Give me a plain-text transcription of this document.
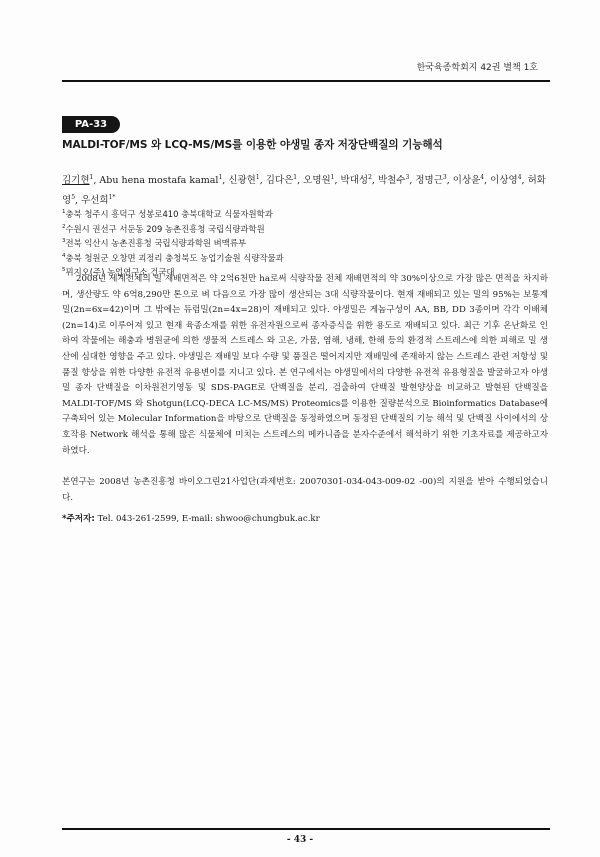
한국육종학회지 42권 별책 1호
PA-33
MALDI-TOF/MS 와 LCQ-MS/MS를 이용한 야생밀 종자 저장단백질의 기능해석
김기현$^1$, Abu hena mostafa kamal$^1$, 신광현$^1$, 김다은$^1$, 오명원$^1$, 박대성$^2$, 박철수$^3$, 정명근$^3$, 이상윤$^4$, 이상영$^4$, 허화영$^5$, 우선희$^{1*}$
$^1$충북 청주시 흥덕구 성봉로410 충북대학교 식물자원학과
$^2$수원시 권선구 서둔동 209 농촌진흥청 국립식량과학원
$^3$전북 익산시 농촌진흥청 국립식량과학원 벼맥류부
$^4$충북 청원군 오창면 괴정리 충청북도 농업기술원 식량작물과
$^5$뮈지오(주) 농업연구소 건국대

2008년 세계전체의 밀 재배면적은 약 2억6천만 ha로써 식량작물 전체 재배면적의 약 30%이상으로 가장 많은 면적을 차지하며, 생산량도 약 6억8,290만 톤으로 벼 다음으로 가장 많이 생산되는 3대 식량작물이다. 현재 재배되고 있는 밀의 95%는 보통계밀(2n=6x=42)이며 그 밖에는 듀럼밀(2n=4x=28)이 재배되고 있다. 야생밀은 게놈구성이 AA, BB, DD 3종이며 각각 이배체(2n=14)로 이루어져 있고 현재 육종소재를 위한 유전자원으로써 종자증식을 위한 용도로 재배되고 있다. 최근 기후 온난화로 인하여 작물에는 해충과 병원균에 의한 생물적 스트레스 와 고온, 가뭄, 염해, 냉해, 한해 등의 환경적 스트레스에 의한 피해로 밀 생산에 심대한 영향을 주고 있다. 야생밀은 재배밀 보다 수량 및 품질은 떨어지지만 재배밀에 존재하지 않는 스트레스 관련 저항성 및 품질 향상을 위한 다양한 유전적 유용변이를 지니고 있다. 본 연구에서는 야생밀에서의 다양한 유전적 유용형질을 발굴하고자 야생밀 종자 단백질을 이차원전기영동 및 SDS-PAGE로 단백질을 분리, 검출하여 단백질 발현양상을 비교하고 발현된 단백질을 MALDI-TOF/MS 와 Shotgun(LCQ-DECA LC-MS/MS) Proteomics를 이용한 질량분석으로 Bioinformatics Database에 구축되어 있는 Molecular Information을 바탕으로 단백질을 동정하였으며 동정된 단백질의 기능 해석 및 단백질 사이에서의 상호작용 Network 해석을 통해 많은 식물체에 미치는 스트레스의 메카니즘을 분자수준에서 해석하기 위한 기초자료를 제공하고자 하였다.

본연구는 2008년 농촌진흥청 바이오그린21사업단(과제번호: 20070301-034-043-009-02 -00)의 지원을 받아 수행되었습니다.

*주저자: Tel. 043-261-2599, E-mail: shwoo@chungbuk.ac.kr
- 43 -
